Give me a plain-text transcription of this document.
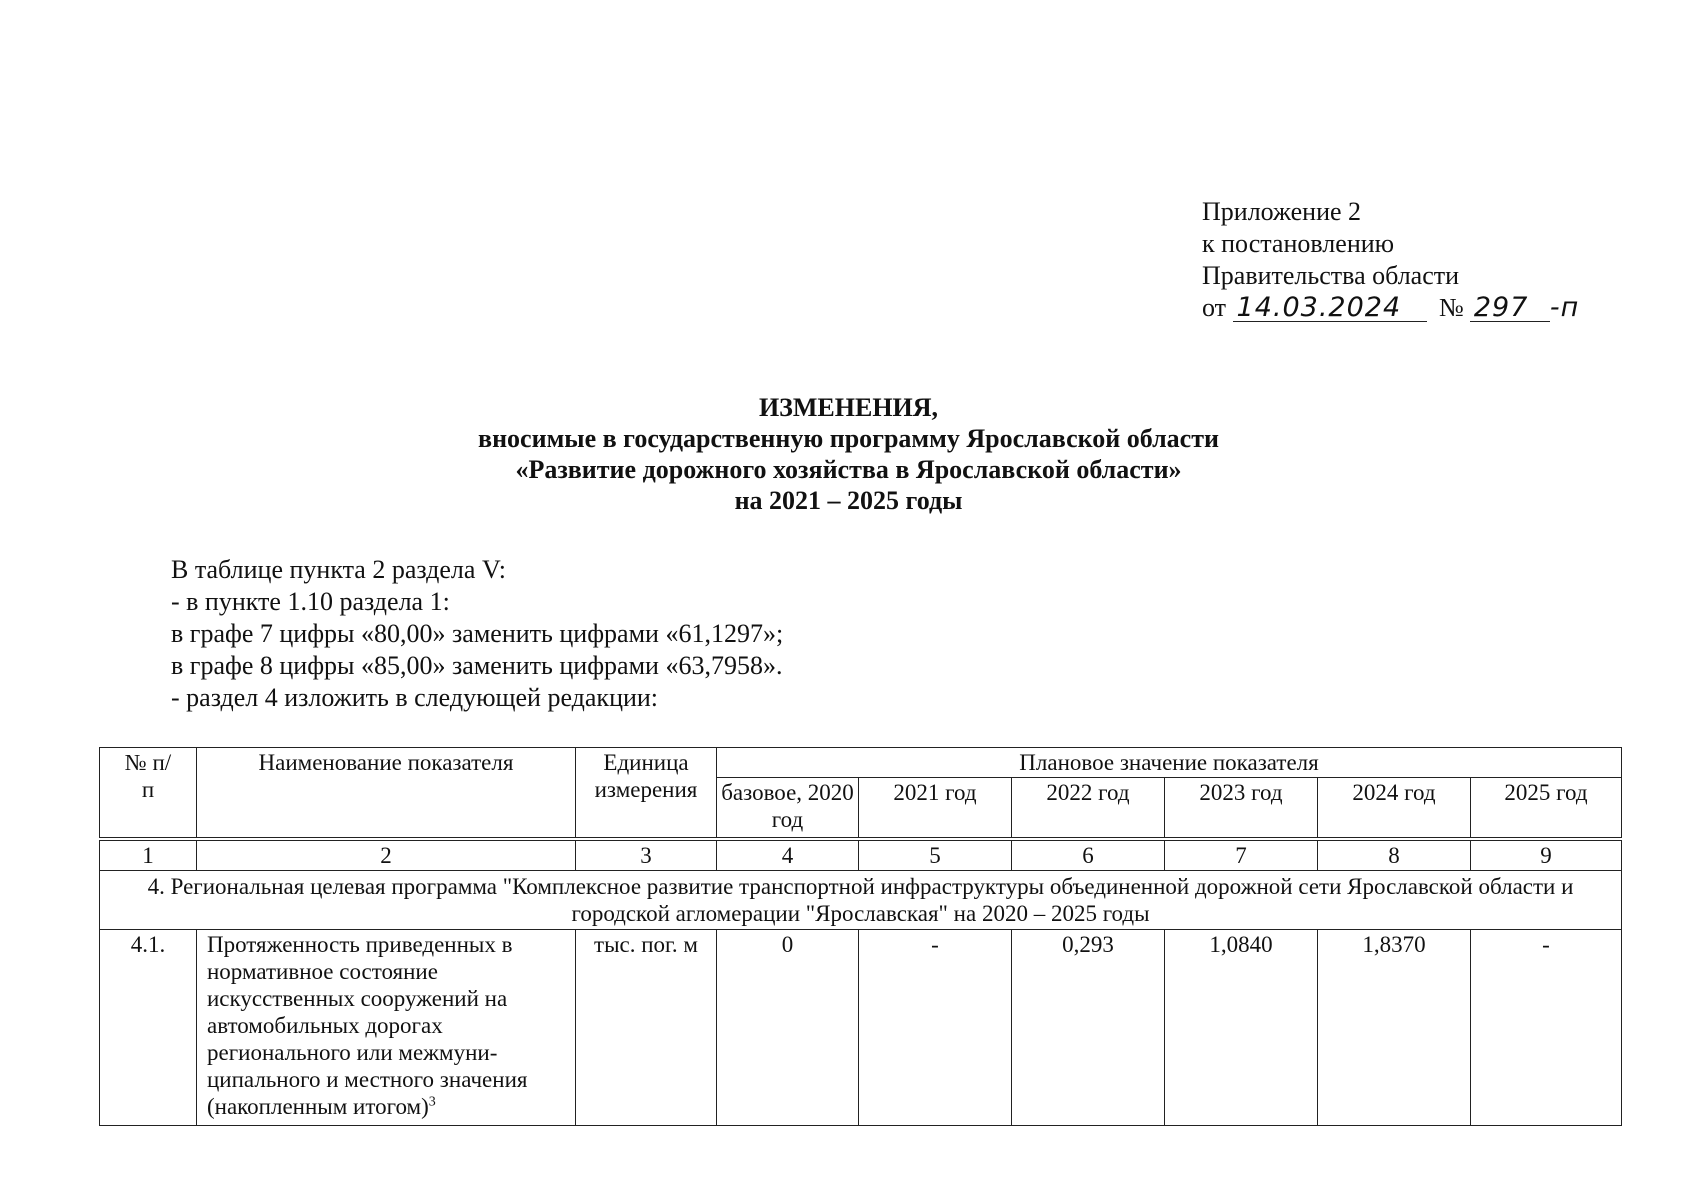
Приложение 2
к постановлению
Правительства области
от 14.03.2024 № 297 -п
ИЗМЕНЕНИЯ,
вносимые в государственную программу Ярославской области
«Развитие дорожного хозяйства в Ярославской области»
на 2021 – 2025 годы
В таблице пункта 2 раздела V:
- в пункте 1.10 раздела 1:
в графе 7 цифры «80,00» заменить цифрами «61,1297»;
в графе 8 цифры «85,00» заменить цифрами «63,7958».
- раздел 4 изложить в следующей редакции:
№ п/п	Наименование показателя	Единица измерения	Плановое значение показателя					
			базовое, 2020 год	2021 год	2022 год	2023 год	2024 год	2025 год

1	2	3	4	5	6	7	8	9
4. Региональная целевая программа "Комплексное развитие транспортной инфраструктуры объединенной дорожной сети Ярославской области и городской агломерации "Ярославская" на 2020 – 2025 годы								
4.1.	Протяженность приведенных в нормативное состояние искусственных сооружений на автомобильных дорогах регионального или межмуни-ципального и местного значения (накопленным итогом)$^3$	тыс. пог. м	0	-	0,293	1,0840	1,8370	-
